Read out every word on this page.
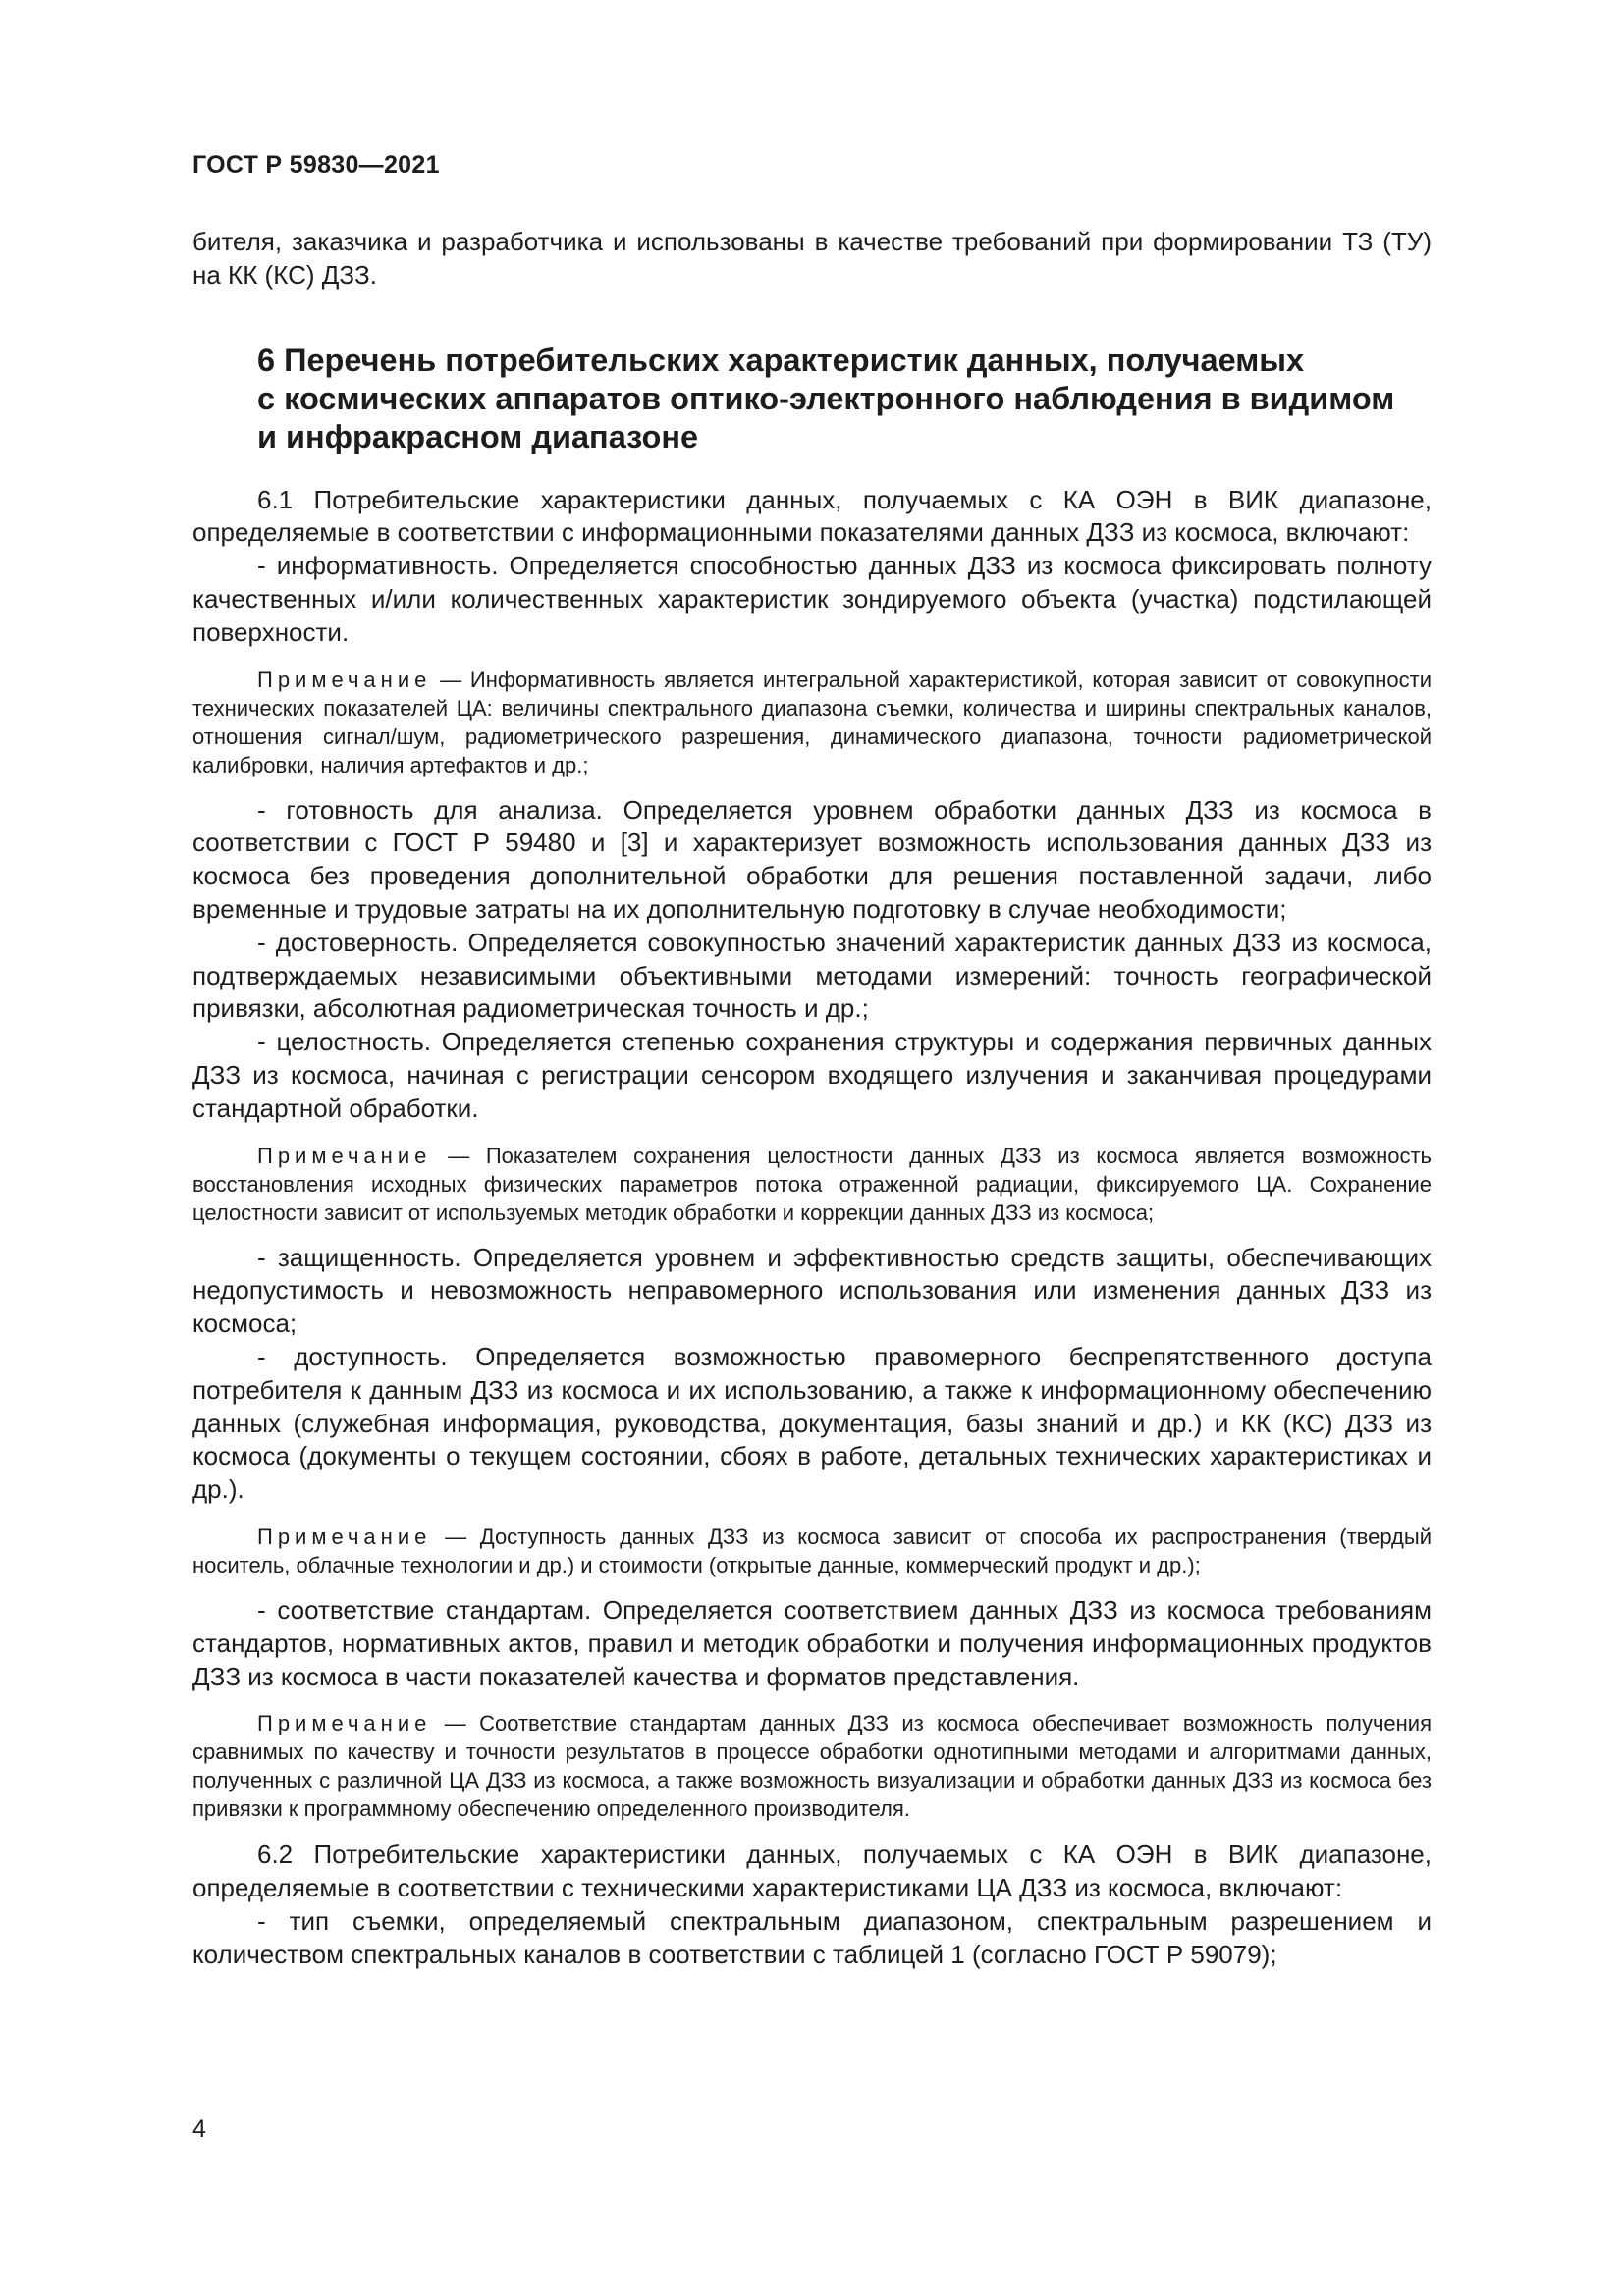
ГОСТ Р 59830—2021

бителя, заказчика и разработчика и использованы в качестве требований при формировании ТЗ (ТУ) на КК (КС) ДЗЗ.

6 Перечень потребительских характеристик данных, получаемых
с космических аппаратов оптико-электронного наблюдения в видимом
и инфракрасном диапазоне

6.1 Потребительские характеристики данных, получаемых с КА ОЭН в ВИК диапазоне, определяемые в соответствии с информационными показателями данных ДЗЗ из космоса, включают:

- информативность. Определяется способностью данных ДЗЗ из космоса фиксировать полноту качественных и/или количественных характеристик зондируемого объекта (участка) подстилающей поверхности.

Примечание — Информативность является интегральной характеристикой, которая зависит от совокупности технических показателей ЦА: величины спектрального диапазона съемки, количества и ширины спектральных каналов, отношения сигнал/шум, радиометрического разрешения, динамического диапазона, точности радиометрической калибровки, наличия артефактов и др.;

- готовность для анализа. Определяется уровнем обработки данных ДЗЗ из космоса в соответствии с ГОСТ Р 59480 и [3] и характеризует возможность использования данных ДЗЗ из космоса без проведения дополнительной обработки для решения поставленной задачи, либо временные и трудовые затраты на их дополнительную подготовку в случае необходимости;

- достоверность. Определяется совокупностью значений характеристик данных ДЗЗ из космоса, подтверждаемых независимыми объективными методами измерений: точность географической привязки, абсолютная радиометрическая точность и др.;

- целостность. Определяется степенью сохранения структуры и содержания первичных данных ДЗЗ из космоса, начиная с регистрации сенсором входящего излучения и заканчивая процедурами стандартной обработки.

Примечание — Показателем сохранения целостности данных ДЗЗ из космоса является возможность восстановления исходных физических параметров потока отраженной радиации, фиксируемого ЦА. Сохранение целостности зависит от используемых методик обработки и коррекции данных ДЗЗ из космоса;

- защищенность. Определяется уровнем и эффективностью средств защиты, обеспечивающих недопустимость и невозможность неправомерного использования или изменения данных ДЗЗ из космоса;

- доступность. Определяется возможностью правомерного беспрепятственного доступа потребителя к данным ДЗЗ из космоса и их использованию, а также к информационному обеспечению данных (служебная информация, руководства, документация, базы знаний и др.) и КК (КС) ДЗЗ из космоса (документы о текущем состоянии, сбоях в работе, детальных технических характеристиках и др.).

Примечание — Доступность данных ДЗЗ из космоса зависит от способа их распространения (твердый носитель, облачные технологии и др.) и стоимости (открытые данные, коммерческий продукт и др.);

- соответствие стандартам. Определяется соответствием данных ДЗЗ из космоса требованиям стандартов, нормативных актов, правил и методик обработки и получения информационных продуктов ДЗЗ из космоса в части показателей качества и форматов представления.

Примечание — Соответствие стандартам данных ДЗЗ из космоса обеспечивает возможность получения сравнимых по качеству и точности результатов в процессе обработки однотипными методами и алгоритмами данных, полученных с различной ЦА ДЗЗ из космоса, а также возможность визуализации и обработки данных ДЗЗ из космоса без привязки к программному обеспечению определенного производителя.

6.2 Потребительские характеристики данных, получаемых с КА ОЭН в ВИК диапазоне, определяемые в соответствии с техническими характеристиками ЦА ДЗЗ из космоса, включают:

- тип съемки, определяемый спектральным диапазоном, спектральным разрешением и количеством спектральных каналов в соответствии с таблицей 1 (согласно ГОСТ Р 59079);

4
